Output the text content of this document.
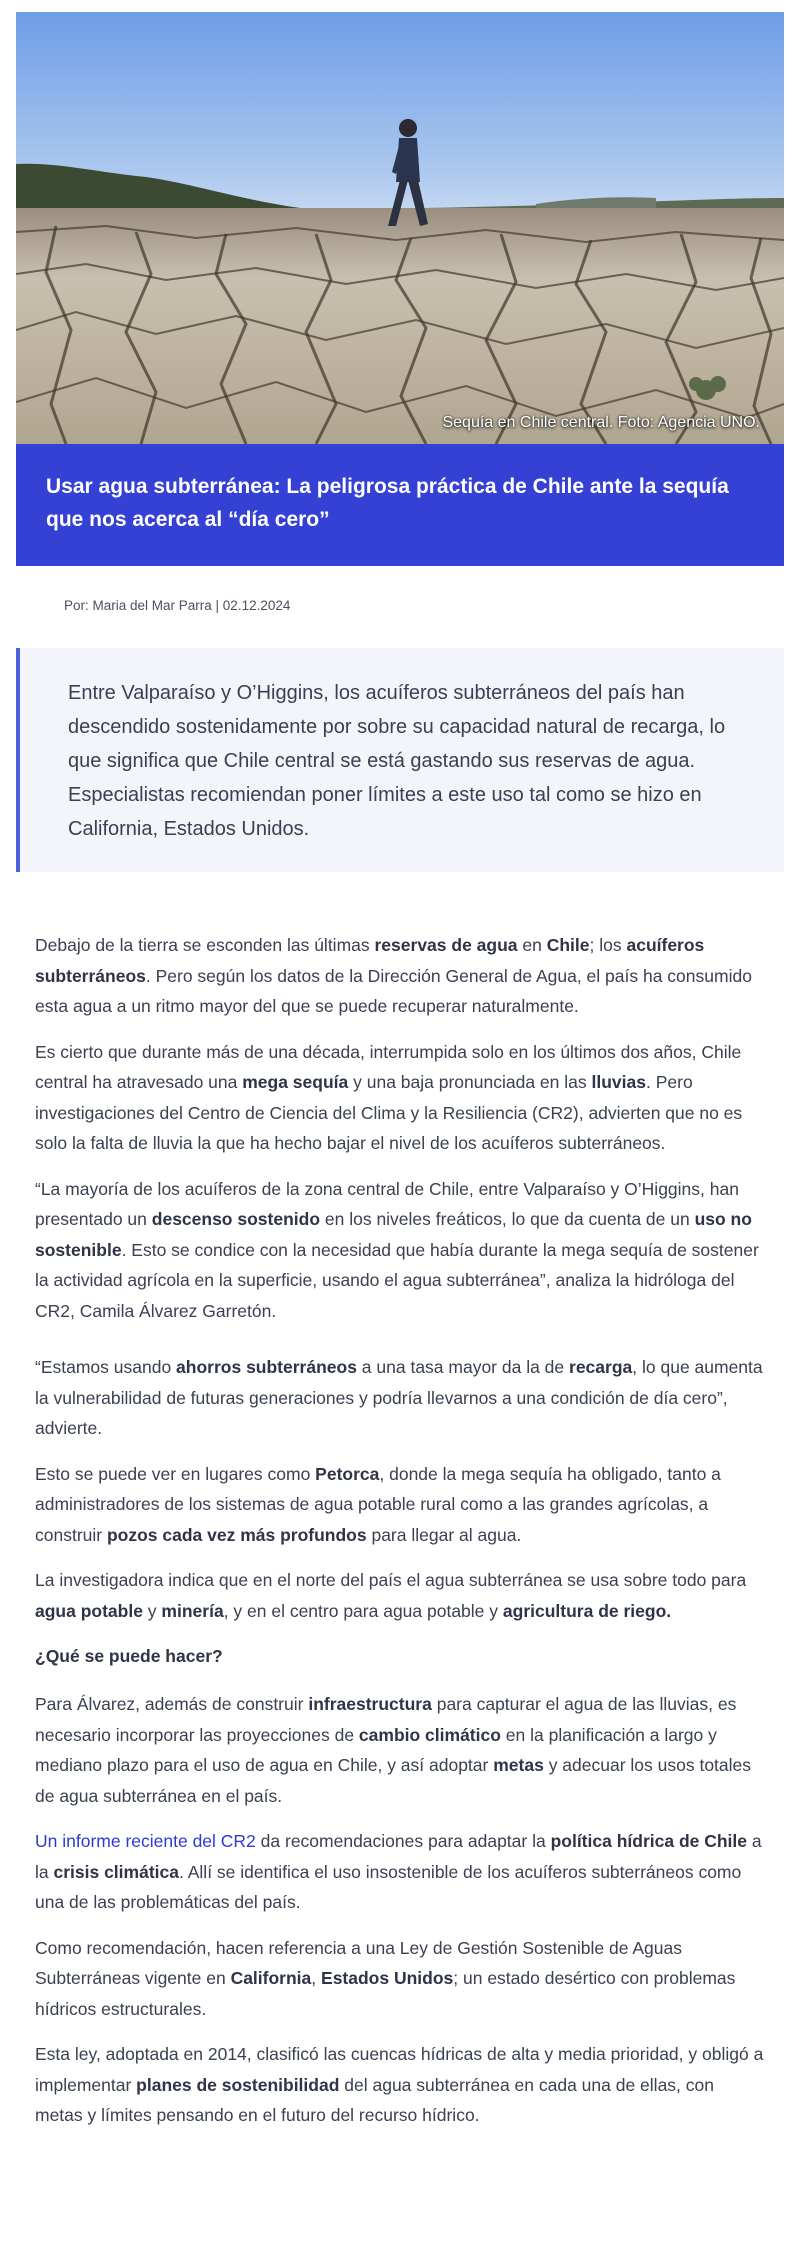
Sequía en Chile central. Foto: Agencia UNO.
Usar agua subterránea: La peligrosa práctica de Chile ante la sequía que nos acerca al “día cero”
Por: Maria del Mar Parra | 02.12.2024

Entre Valparaíso y O’Higgins, los acuíferos subterráneos del país han descendido sostenidamente por sobre su capacidad natural de recarga, lo que significa que Chile central se está gastando sus reservas de agua. Especialistas recomiendan poner límites a este uso tal como se hizo en California, Estados Unidos.

Debajo de la tierra se esconden las últimas reservas de agua en Chile; los acuíferos subterráneos. Pero según los datos de la Dirección General de Agua, el país ha consumido esta agua a un ritmo mayor del que se puede recuperar naturalmente.

Es cierto que durante más de una década, interrumpida solo en los últimos dos años, Chile central ha atravesado una mega sequía y una baja pronunciada en las lluvias. Pero investigaciones del Centro de Ciencia del Clima y la Resiliencia (CR2), advierten que no es solo la falta de lluvia la que ha hecho bajar el nivel de los acuíferos subterráneos.

“La mayoría de los acuíferos de la zona central de Chile, entre Valparaíso y O’Higgins, han presentado un descenso sostenido en los niveles freáticos, lo que da cuenta de un uso no sostenible. Esto se condice con la necesidad que había durante la mega sequía de sostener la actividad agrícola en la superficie, usando el agua subterránea”, analiza la hidróloga del CR2, Camila Álvarez Garretón.

“Estamos usando ahorros subterráneos a una tasa mayor da la de recarga, lo que aumenta la vulnerabilidad de futuras generaciones y podría llevarnos a una condición de día cero”, advierte.

Esto se puede ver en lugares como Petorca, donde la mega sequía ha obligado, tanto a administradores de los sistemas de agua potable rural como a las grandes agrícolas, a construir pozos cada vez más profundos para llegar al agua.

La investigadora indica que en el norte del país el agua subterránea se usa sobre todo para agua potable y minería, y en el centro para agua potable y agricultura de riego.

¿Qué se puede hacer?

Para Álvarez, además de construir infraestructura para capturar el agua de las lluvias, es necesario incorporar las proyecciones de cambio climático en la planificación a largo y mediano plazo para el uso de agua en Chile, y así adoptar metas y adecuar los usos totales de agua subterránea en el país.

Un informe reciente del CR2 da recomendaciones para adaptar la política hídrica de Chile a la crisis climática. Allí se identifica el uso insostenible de los acuíferos subterráneos como una de las problemáticas del país.

Como recomendación, hacen referencia a una Ley de Gestión Sostenible de Aguas Subterráneas vigente en California, Estados Unidos; un estado desértico con problemas hídricos estructurales.

Esta ley, adoptada en 2014, clasificó las cuencas hídricas de alta y media prioridad, y obligó a implementar planes de sostenibilidad del agua subterránea en cada una de ellas, con metas y límites pensando en el futuro del recurso hídrico.
